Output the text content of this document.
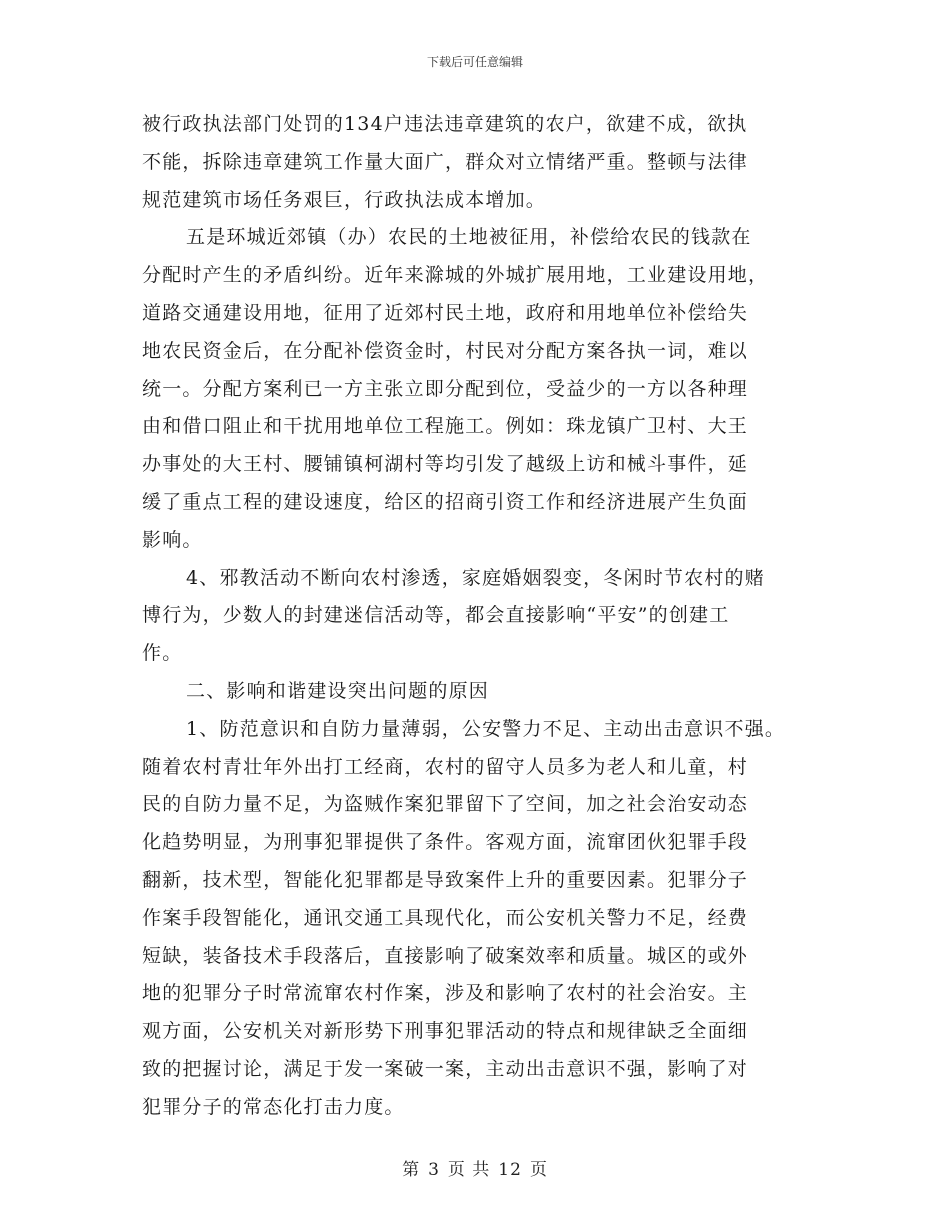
下载后可任意编辑
被行政执法部门处罚的134户违法违章建筑的农户，欲建不成，欲执
不能，拆除违章建筑工作量大面广，群众对立情绪严重。整顿与法律
规范建筑市场任务艰巨，行政执法成本增加。
五是环城近郊镇（办）农民的土地被征用，补偿给农民的钱款在
分配时产生的矛盾纠纷。近年来滁城的外城扩展用地，工业建设用地，
道路交通建设用地，征用了近郊村民土地，政府和用地单位补偿给失
地农民资金后，在分配补偿资金时，村民对分配方案各执一词，难以
统一。分配方案利已一方主张立即分配到位，受益少的一方以各种理
由和借口阻止和干扰用地单位工程施工。例如：珠龙镇广卫村、大王
办事处的大王村、腰铺镇柯湖村等均引发了越级上访和械斗事件，延
缓了重点工程的建设速度，给区的招商引资工作和经济进展产生负面
影响。
4、邪教活动不断向农村渗透，家庭婚姻裂变，冬闲时节农村的赌
博行为，少数人的封建迷信活动等，都会直接影响“平安”的创建工
作。
二、影响和谐建设突出问题的原因
1、防范意识和自防力量薄弱，公安警力不足、主动出击意识不强。
随着农村青壮年外出打工经商，农村的留守人员多为老人和儿童，村
民的自防力量不足，为盗贼作案犯罪留下了空间，加之社会治安动态
化趋势明显，为刑事犯罪提供了条件。客观方面，流窜团伙犯罪手段
翻新，技术型，智能化犯罪都是导致案件上升的重要因素。犯罪分子
作案手段智能化，通讯交通工具现代化，而公安机关警力不足，经费
短缺，装备技术手段落后，直接影响了破案效率和质量。城区的或外
地的犯罪分子时常流窜农村作案，涉及和影响了农村的社会治安。主
观方面，公安机关对新形势下刑事犯罪活动的特点和规律缺乏全面细
致的把握讨论，满足于发一案破一案，主动出击意识不强，影响了对
犯罪分子的常态化打击力度。
第 3 页 共 12 页
